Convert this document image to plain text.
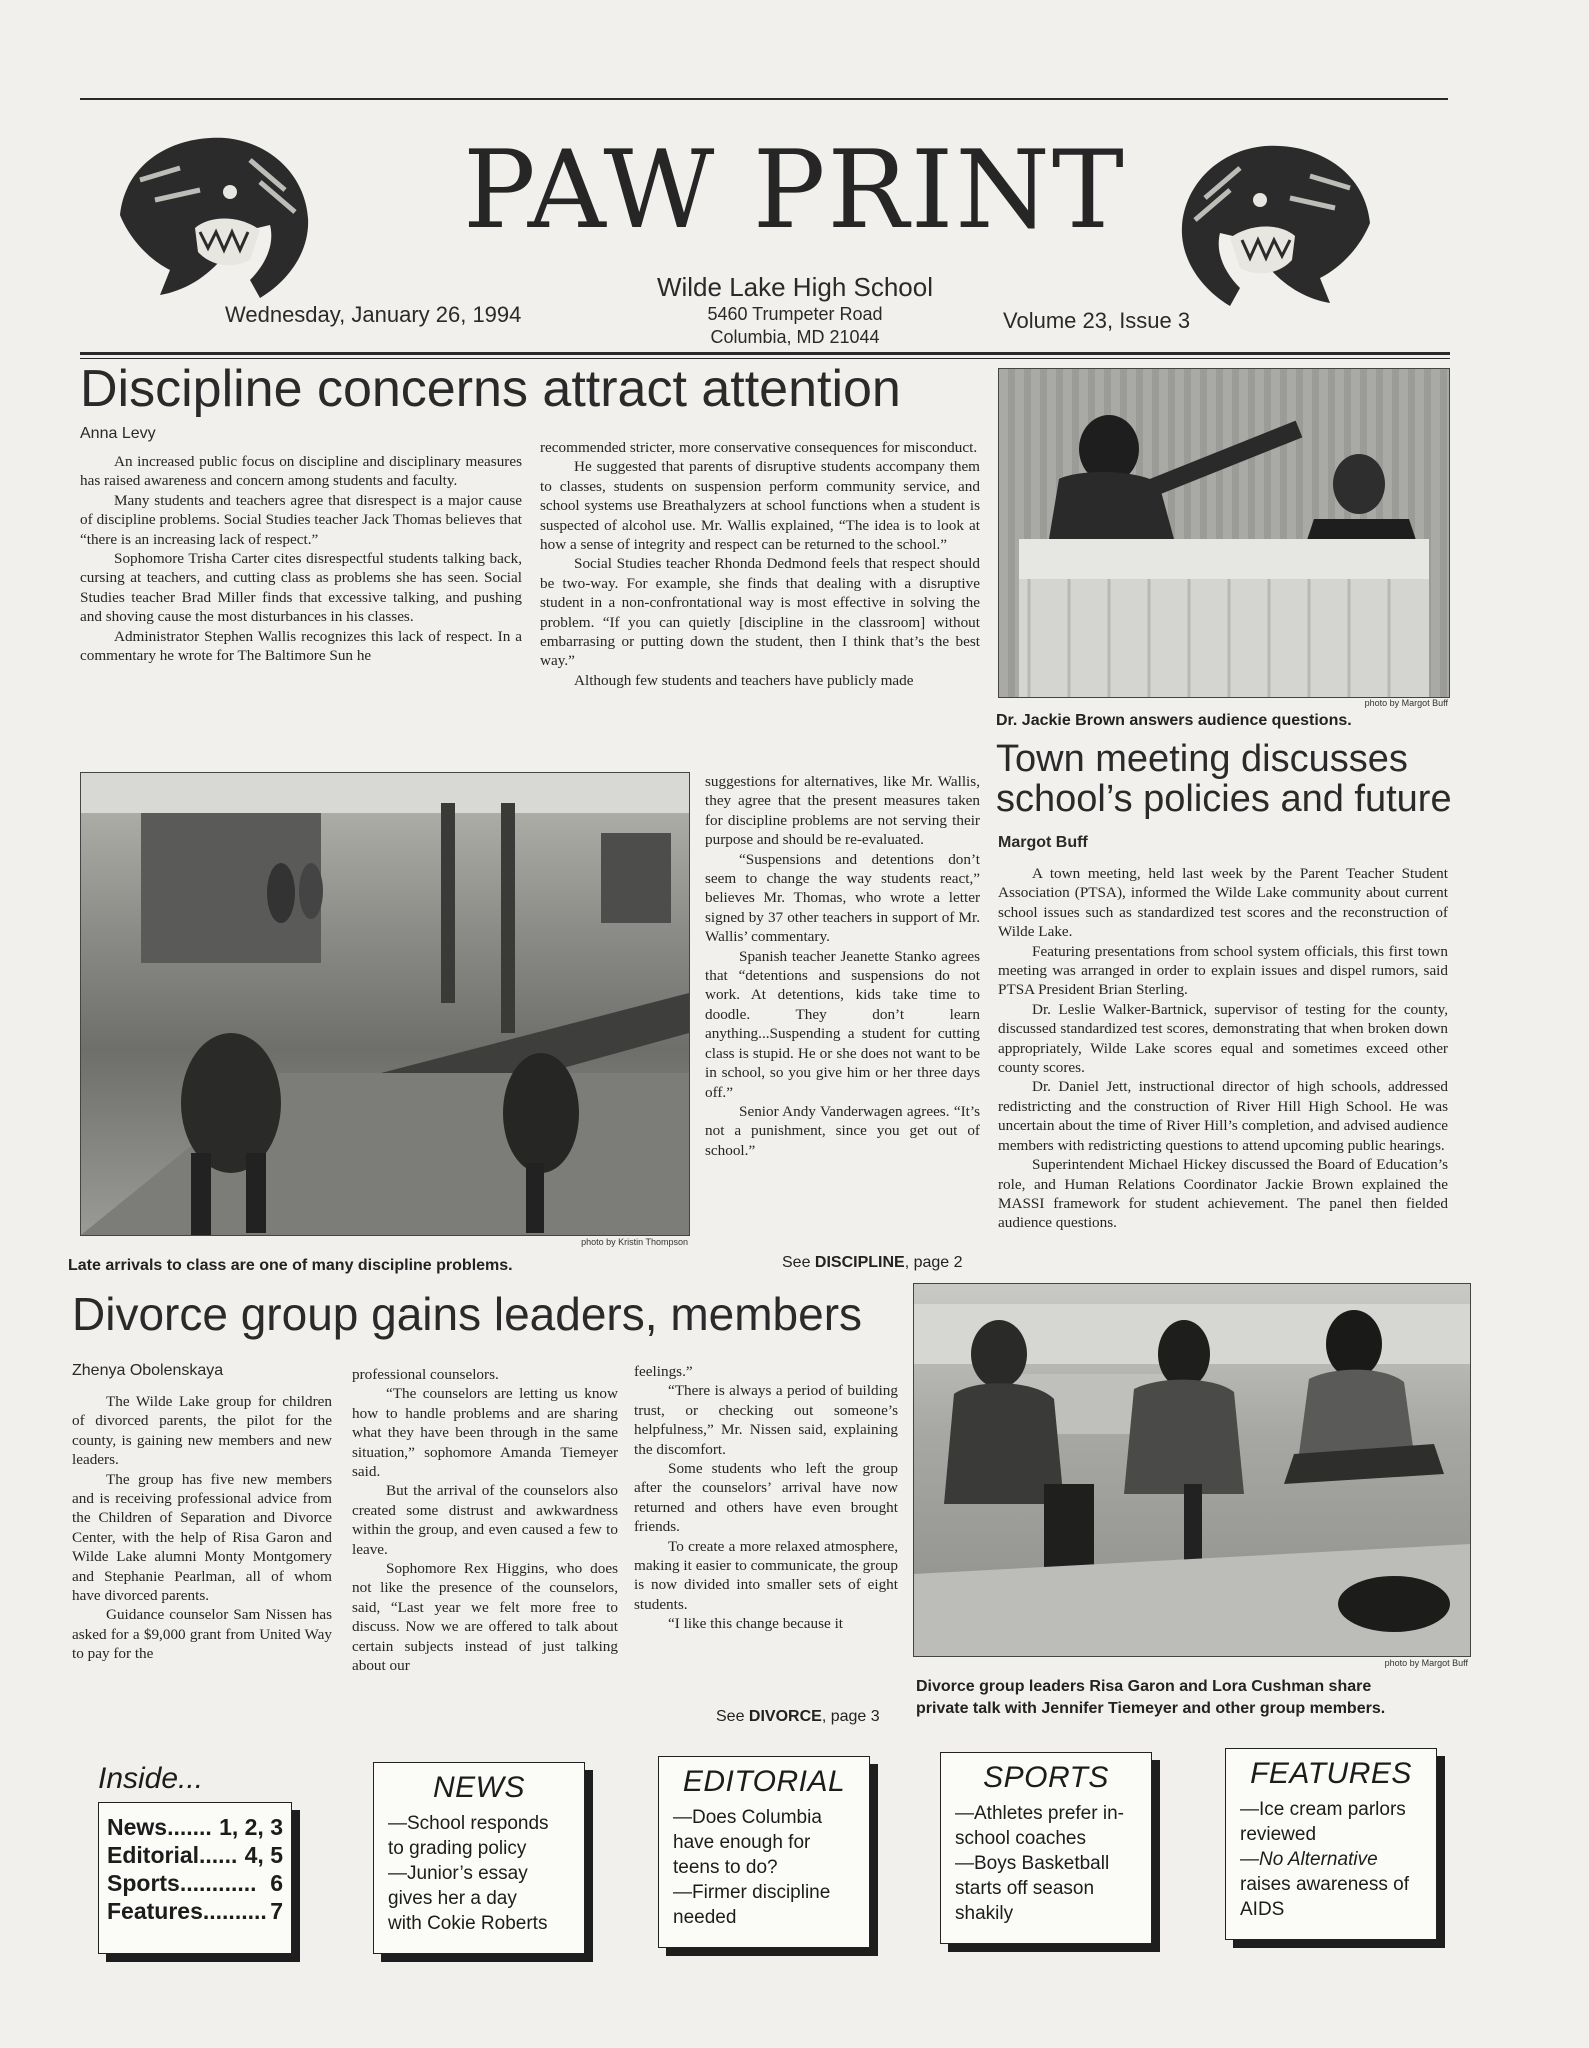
PAW PRINT
Wednesday, January 26, 1994
Wilde Lake High School
5460 Trumpeter Road
Columbia, MD 21044
Volume 23, Issue 3
Discipline concerns attract attention
Anna Levy

An increased public focus on discipline and disciplinary measures has raised awareness and concern among students and faculty.

Many students and teachers agree that disrespect is a major cause of discipline problems. Social Studies teacher Jack Thomas believes that “there is an increasing lack of respect.”

Sophomore Trisha Carter cites disrespectful students talking back, cursing at teachers, and cutting class as problems she has seen. Social Studies teacher Brad Miller finds that excessive talking, and pushing and shoving cause the most disturbances in his classes.

Administrator Stephen Wallis recognizes this lack of respect. In a commentary he wrote for The Baltimore Sun he

recommended stricter, more conservative consequences for misconduct.

He suggested that parents of disruptive students accompany them to classes, students on suspension perform community service, and school systems use Breathalyzers at school functions when a student is suspected of alcohol use. Mr. Wallis explained, “The idea is to look at how a sense of integrity and respect can be returned to the school.”

Social Studies teacher Rhonda Dedmond feels that respect should be two-way. For example, she finds that dealing with a disruptive student in a non-confrontational way is most effective in solving the problem. “If you can quietly [discipline in the classroom] without embarrasing or putting down the student, then I think that’s the best way.”

Although few students and teachers have publicly made

photo by Kristin Thompson
Late arrivals to class are one of many discipline problems.

suggestions for alternatives, like Mr. Wallis, they agree that the present measures taken for discipline problems are not serving their purpose and should be re-evaluated.

“Suspensions and detentions don’t seem to change the way students react,” believes Mr. Thomas, who wrote a letter signed by 37 other teachers in support of Mr. Wallis’ commentary.

Spanish teacher Jeanette Stanko agrees that “detentions and suspensions do not work. At detentions, kids take time to doodle. They don’t learn anything...Suspending a student for cutting class is stupid. He or she does not want to be in school, so you give him or her three days off.”

Senior Andy Vanderwagen agrees. “It’s not a punishment, since you get out of school.”

See DISCIPLINE, page 2
photo by Margot Buff
Dr. Jackie Brown answers audience questions.
Town meeting discusses
school’s policies and future
Margot Buff

A town meeting, held last week by the Parent Teacher Student Association (PTSA), informed the Wilde Lake community about current school issues such as standardized test scores and the reconstruction of Wilde Lake.

Featuring presentations from school system officials, this first town meeting was arranged in order to explain issues and dispel rumors, said PTSA President Brian Sterling.

Dr. Leslie Walker-Bartnick, supervisor of testing for the county, discussed standardized test scores, demonstrating that when broken down appropriately, Wilde Lake scores equal and sometimes exceed other county scores.

Dr. Daniel Jett, instructional director of high schools, addressed redistricting and the construction of River Hill High School. He was uncertain about the time of River Hill’s completion, and advised audience members with redistricting questions to attend upcoming public hearings.

Superintendent Michael Hickey discussed the Board of Education’s role, and Human Relations Coordinator Jackie Brown explained the MASSI framework for student achievement. The panel then fielded audience questions.

Divorce group gains leaders, members
Zhenya Obolenskaya

The Wilde Lake group for children of divorced parents, the pilot for the county, is gaining new members and new leaders.

The group has five new members and is receiving professional advice from the Children of Separation and Divorce Center, with the help of Risa Garon and Wilde Lake alumni Monty Montgomery and Stephanie Pearlman, all of whom have divorced parents.

Guidance counselor Sam Nissen has asked for a $9,000 grant from United Way to pay for the

professional counselors.

“The counselors are letting us know how to handle problems and are sharing what they have been through in the same situation,” sophomore Amanda Tiemeyer said.

But the arrival of the counselors also created some distrust and awkwardness within the group, and even caused a few to leave.

Sophomore Rex Higgins, who does not like the presence of the counselors, said, “Last year we felt more free to discuss. Now we are offered to talk about certain subjects instead of just talking about our

feelings.”

“There is always a period of building trust, or checking out someone’s helpfulness,” Mr. Nissen said, explaining the discomfort.

Some students who left the group after the counselors’ arrival have now returned and others have even brought friends.

To create a more relaxed atmosphere, making it easier to communicate, the group is now divided into smaller sets of eight students.

“I like this change because it

See DIVORCE, page 3
photo by Margot Buff
Divorce group leaders Risa Garon and Lora Cushman share
private talk with Jennifer Tiemeyer and other group members.
Inside...
News....... 1, 2, 3
Editorial...... 4, 5
Sports............ 6
Features.......... 7
NEWS
—School responds
to grading policy
—Junior’s essay
gives her a day
with Cokie Roberts
EDITORIAL
—Does Columbia
have enough for
teens to do?
—Firmer discipline
needed
SPORTS
—Athletes prefer in-
school coaches
—Boys Basketball
starts off season
shakily
FEATURES
—Ice cream parlors
reviewed
—No Alternative
raises awareness of
AIDS
